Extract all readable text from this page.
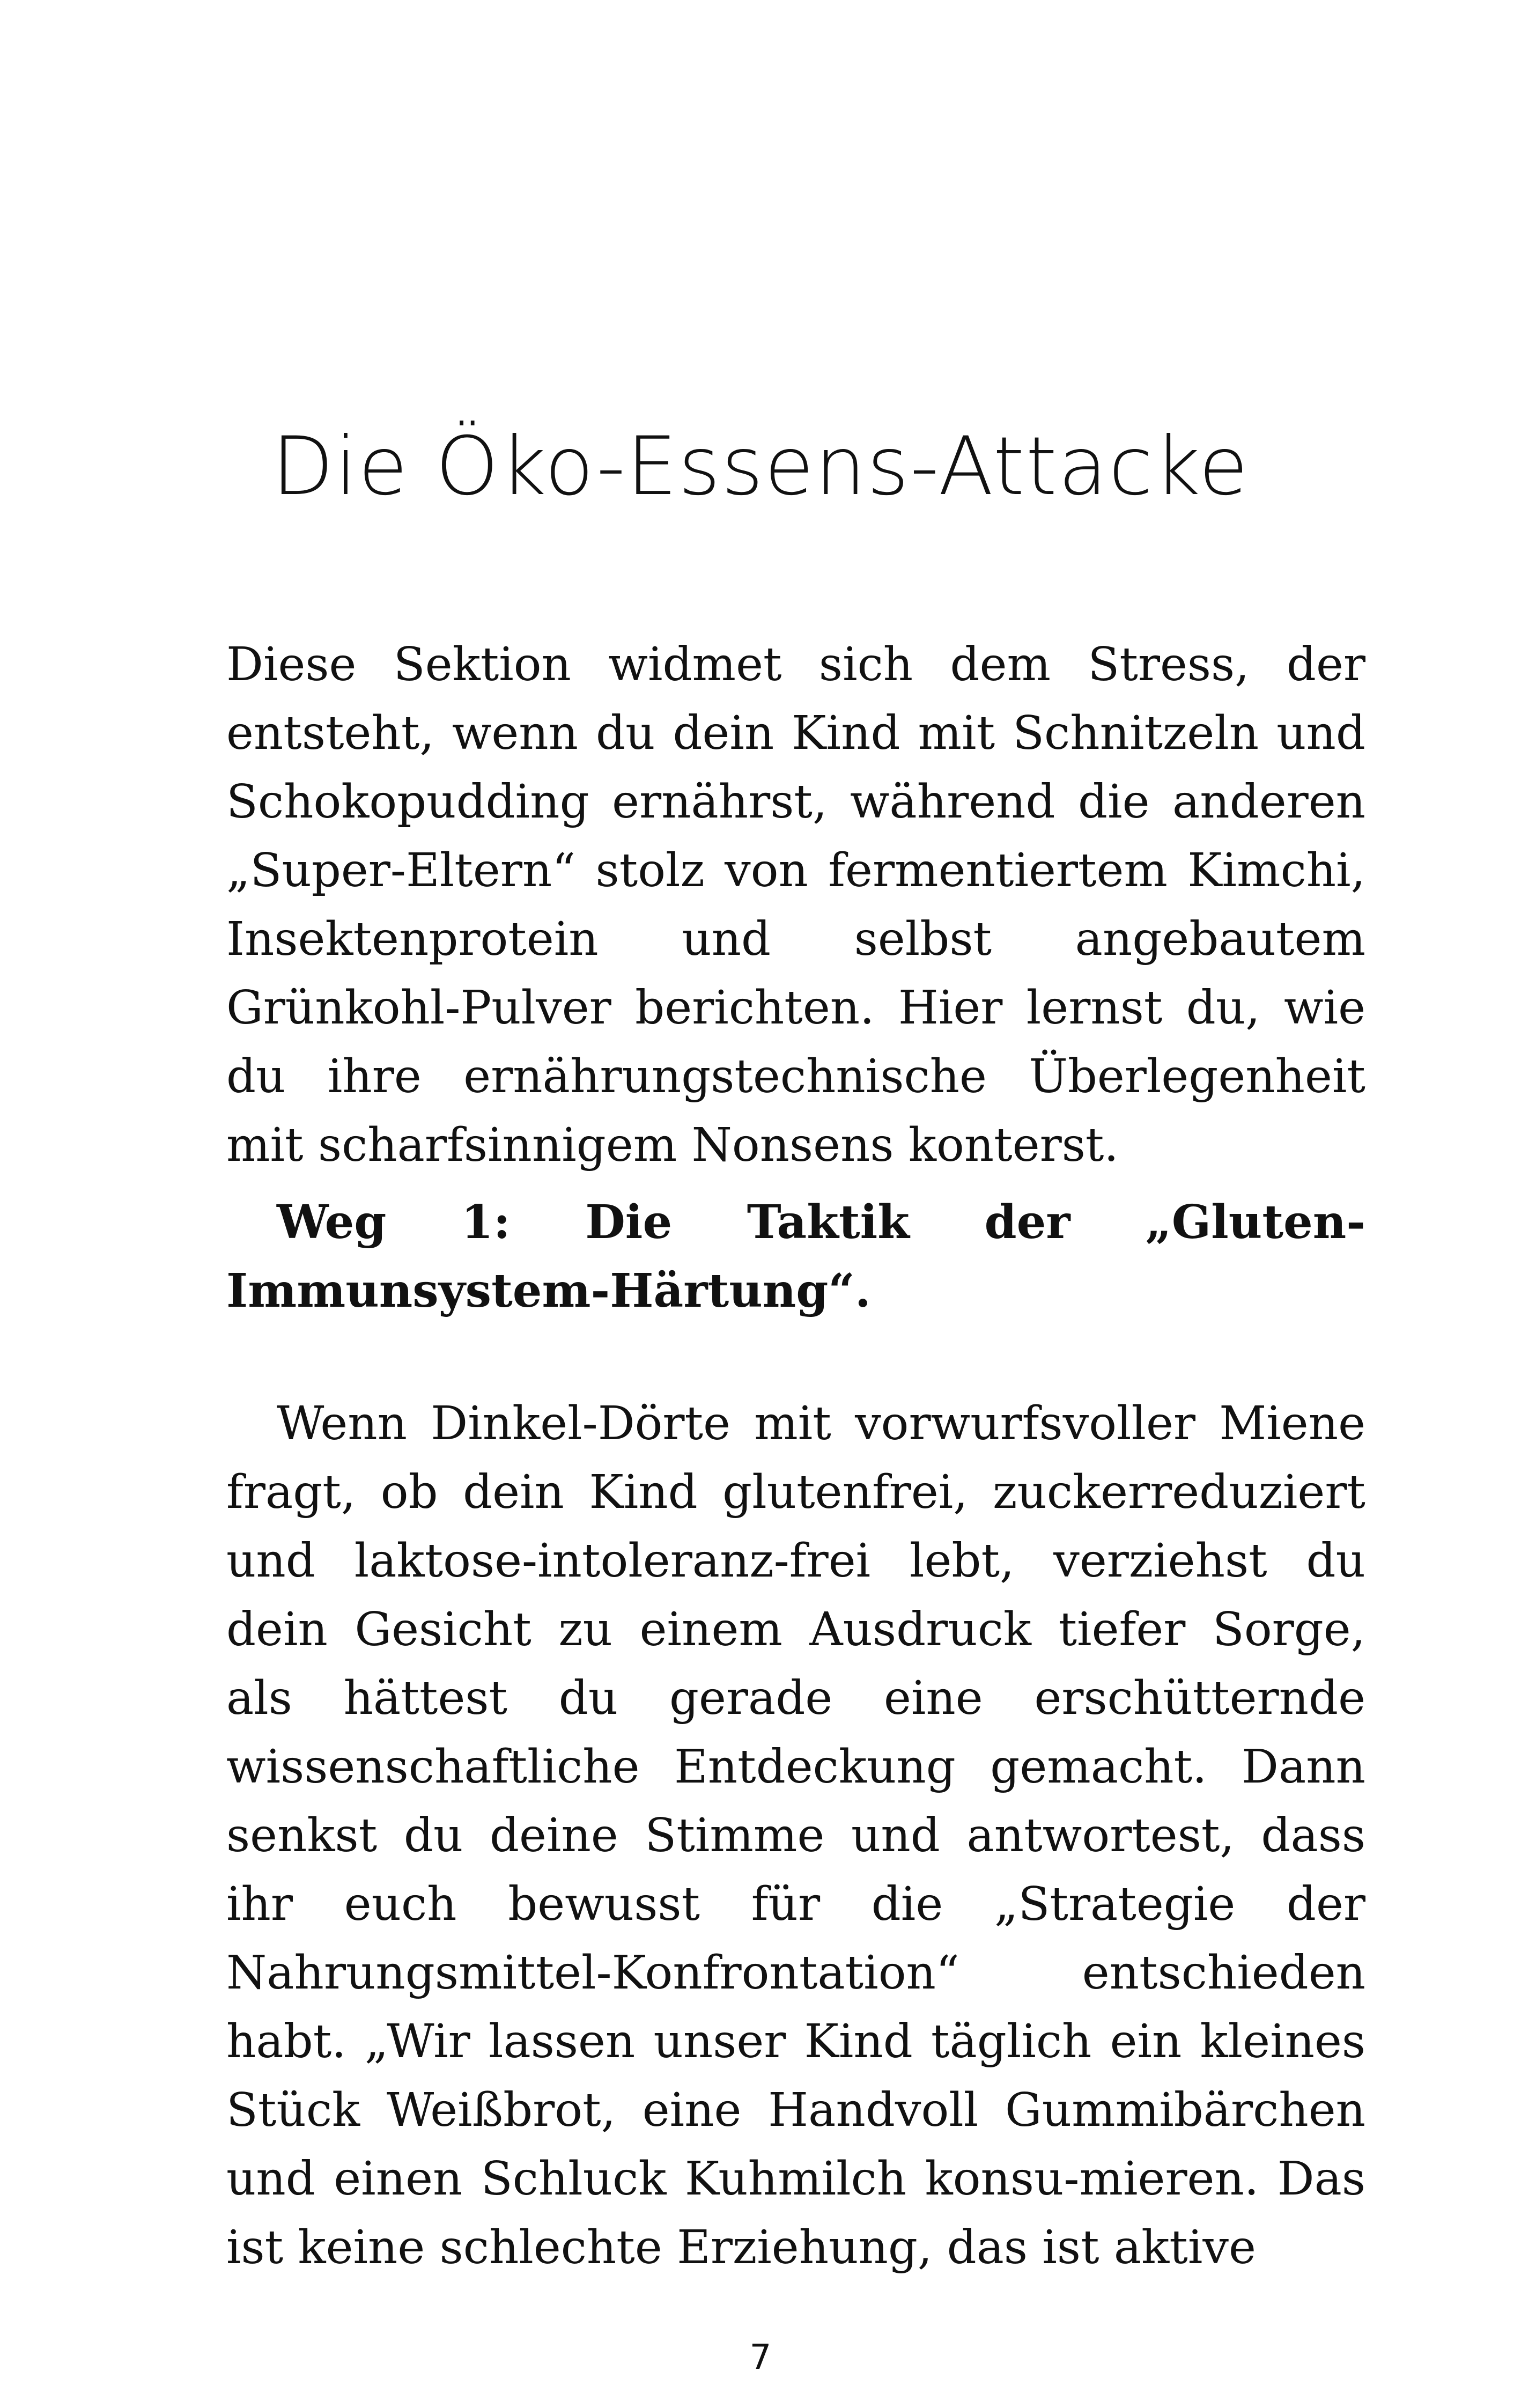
Die Öko-Essens-Attacke

Diese Sektion widmet sich dem Stress, der entsteht, wenn du dein Kind mit Schnitzeln und Schokopudding ernährst, während die anderen „Super-Eltern“ stolz von fermentiertem Kimchi, Insektenprotein und selbst angebautem Grünkohl-Pulver berichten. Hier lernst du, wie du ihre ernährungstechnische Überlegenheit mit scharfsinnigem Nonsens konterst.

Weg 1: Die Taktik der „Gluten-Immunsystem-Härtung“.

Wenn Dinkel-Dörte mit vorwurfsvoller Miene fragt, ob dein Kind glutenfrei, zuckerreduziert und laktose-intoleranz-frei lebt, verziehst du dein Gesicht zu einem Ausdruck tiefer Sorge, als hättest du gerade eine erschütternde wissenschaftliche Entdeckung gemacht. Dann senkst du deine Stimme und antwortest, dass ihr euch bewusst für die „Strategie der Nahrungsmittel-Konfrontation“ entschieden habt. „Wir lassen unser Kind täglich ein kleines Stück Weißbrot, eine Handvoll Gummibärchen und einen Schluck Kuhmilch konsu-mieren. Das ist keine schlechte Erziehung, das ist aktive

7
